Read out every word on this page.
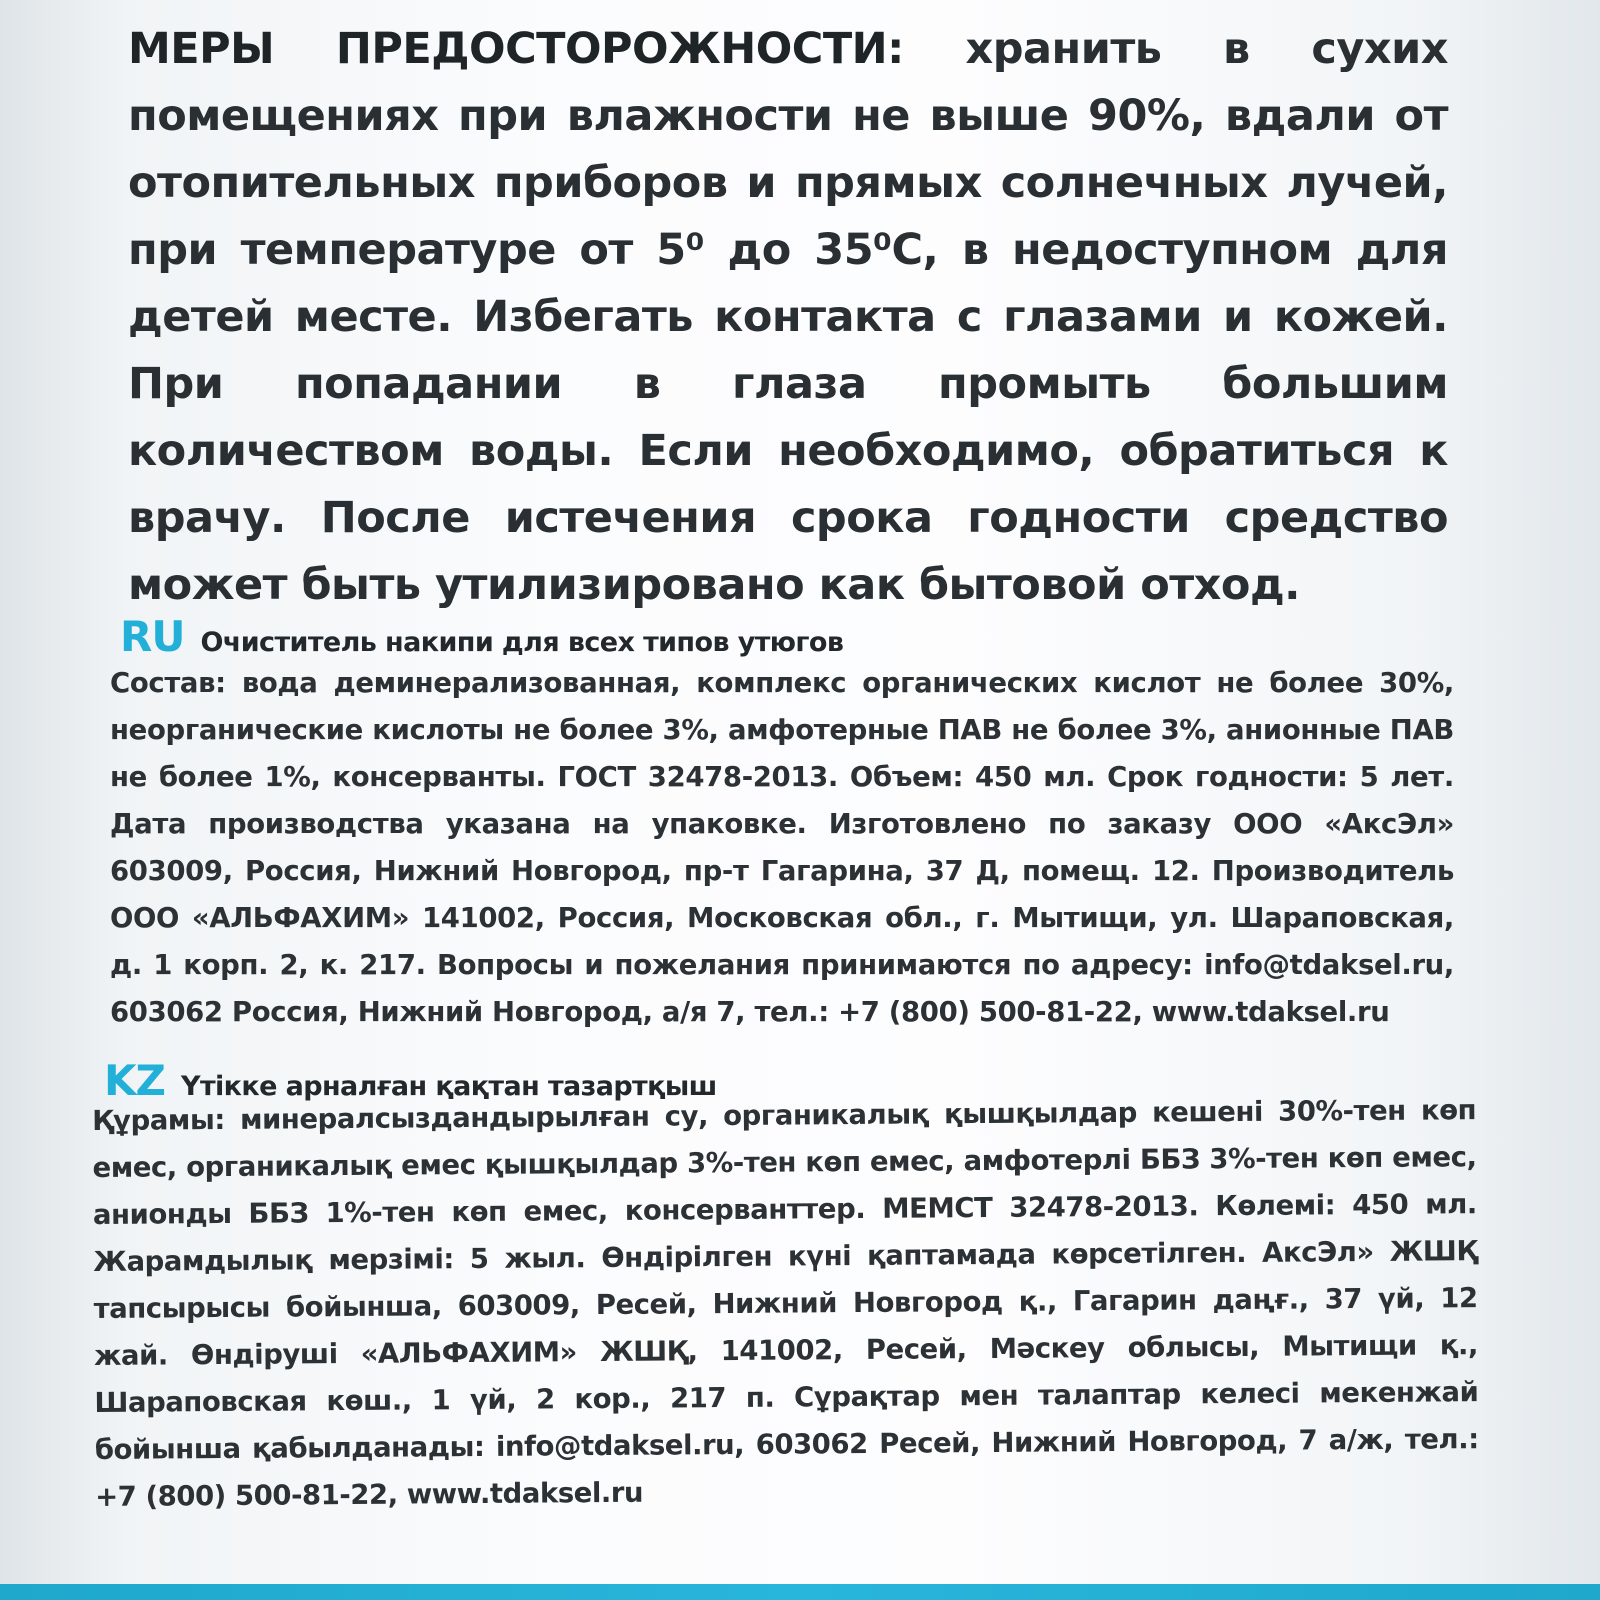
МЕРЫ ПРЕДОСТОРОЖНОСТИ: хранить в сухих помещениях при влажности не выше 90%, вдали от отопительных приборов и прямых солнечных лучей, при температуре от 5⁰ до 35⁰С, в недоступном для детей месте. Избегать контакта с глазами и кожей. При попадании в глаза промыть большим количеством воды. Если необходимо, обратиться к врачу. После истечения срока годности средство может быть утилизировано как бытовой отход.
RU Очиститель накипи для всех типов утюгов
Состав: вода деминерализованная, комплекс органических кислот не более 30%, неорганические кислоты не более 3%, амфотерные ПАВ не более 3%, анионные ПАВ не более 1%, консерванты. ГОСТ 32478-2013. Объем: 450 мл. Срок годности: 5 лет. Дата производства указана на упаковке. Изготовлено по заказу ООО «АксЭл» 603009, Россия, Нижний Новгород, пр-т Гагарина, 37 Д, помещ. 12. Производитель ООО «АЛЬФАХИМ» 141002, Россия, Московская обл., г. Мытищи, ул. Шараповская, д. 1 корп. 2, к. 217. Вопросы и пожелания принимаются по адресу: info@tdaksel.ru, 603062 Россия, Нижний Новгород, а/я 7, тел.: +7 (800) 500-81-22, www.tdaksel.ru
KZ Үтікке арналған қақтан тазартқыш
Құрамы: минералсыздандырылған су, органикалық қышқылдар кешені 30%-тен көп емес, органикалық емес қышқылдар 3%-тен көп емес, амфотерлі ББЗ 3%-тен көп емес, анионды ББЗ 1%-тен көп емес, консерванттер. МЕМСТ 32478-2013. Көлемі: 450 мл. Жарамдылық мерзімі: 5 жыл. Өндірілген күні қаптамада көрсетілген. АксЭл» ЖШҚ тапсырысы бойынша, 603009, Ресей, Нижний Новгород қ., Гагарин даңғ., 37 үй, 12 жай. Өндіруші «АЛЬФАХИМ» ЖШҚ, 141002, Ресей, Мәскеу облысы, Мытищи қ., Шараповская көш., 1 үй, 2 кор., 217 п. Сұрақтар мен талаптар келесі мекенжай бойынша қабылданады: info@tdaksel.ru, 603062 Ресей, Нижний Новгород, 7 а/ж, тел.: +7 (800) 500-81-22, www.tdaksel.ru
